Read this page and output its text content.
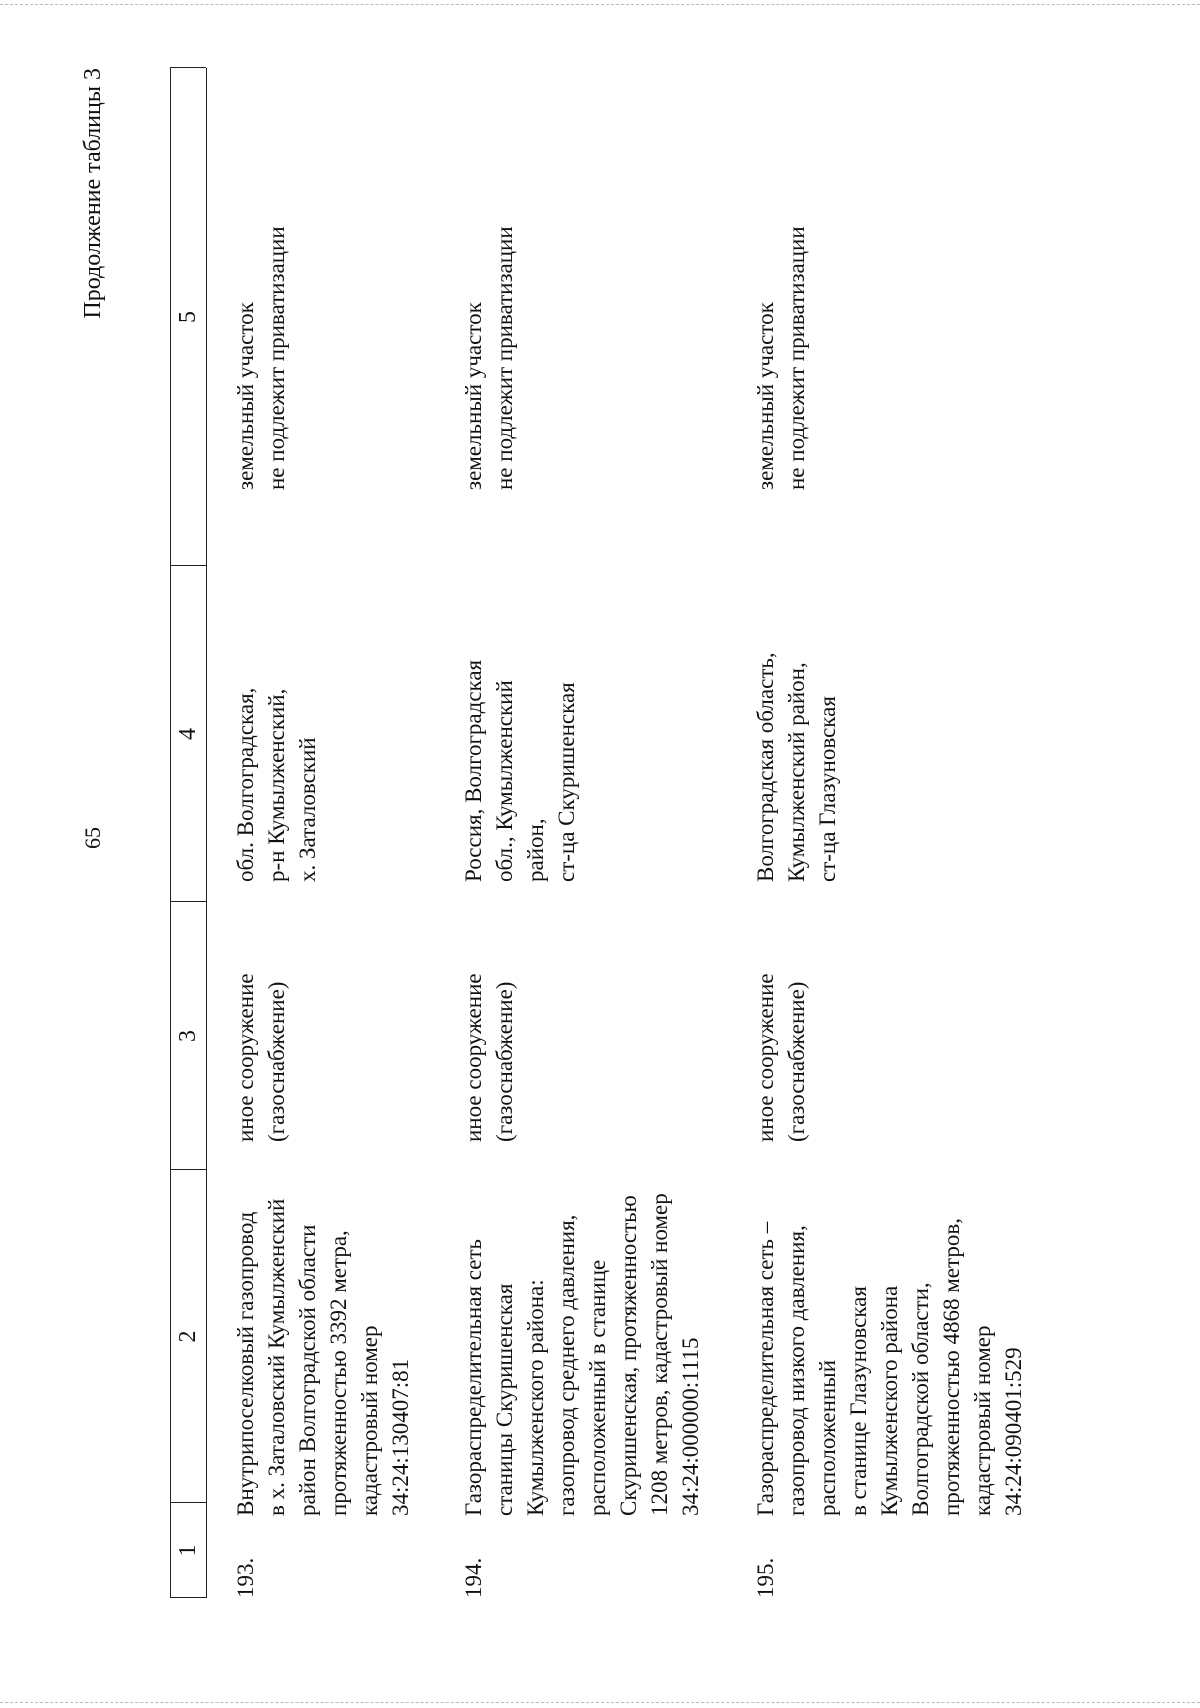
65
Продолжение таблицы 3
1
2
3
4
5
193.
Внутрипоселковый газопровод
в х. Заталовский Кумылженский
район Волгоградской области
протяженностью 3392 метра,
кадастровый номер
34:24:130407:81
иное сооружение
(газоснабжение)
обл. Волгоградская,
р-н Кумылженский,
х. Заталовский
земельный участок
не подлежит приватизации
194.
Газораспределительная сеть
станицы Скуришенская
Кумылженского района:
газопровод среднего давления,
расположенный в станице
Скуришенская, протяженностью
1208 метров, кадастровый номер
34:24:000000:1115
иное сооружение
(газоснабжение)
Россия, Волгоградская
обл., Кумылженский
район,
ст-ца Скуришенская
земельный участок
не подлежит приватизации
195.
Газораспределительная сеть –
газопровод низкого давления,
расположенный
в станице Глазуновская
Кумылженского района
Волгоградской области,
протяженностью 4868 метров,
кадастровый номер
34:24:090401:529
иное сооружение
(газоснабжение)
Волгоградская область,
Кумылженский район,
ст-ца Глазуновская
земельный участок
не подлежит приватизации
